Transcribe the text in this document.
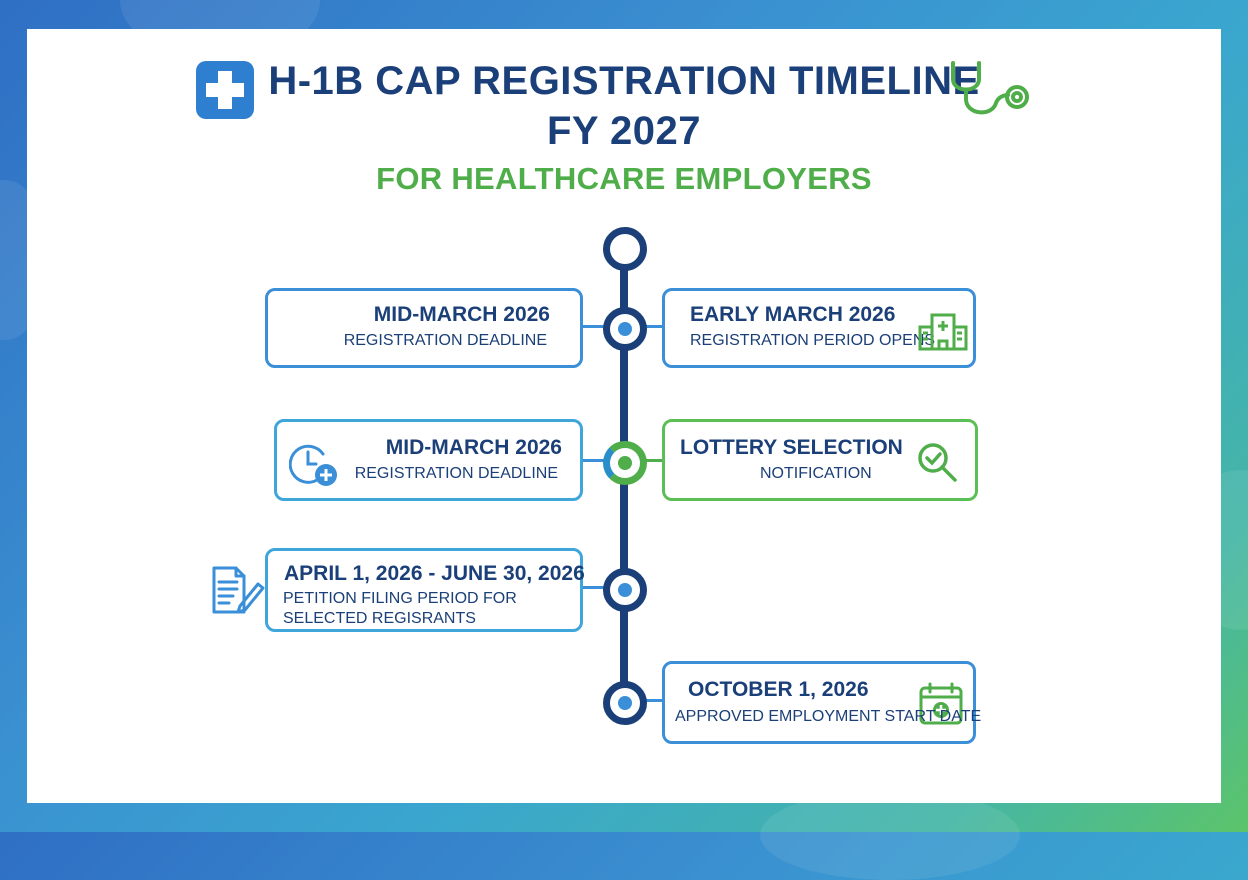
H-1B CAP REGISTRATION TIMELINE
FY 2027
FOR HEALTHCARE EMPLOYERS
MID-MARCH 2026
REGISTRATION DEADLINE
EARLY MARCH 2026
REGISTRATION PERIOD OPENS
MID-MARCH 2026
REGISTRATION DEADLINE
LOTTERY SELECTION
NOTIFICATION
APRIL 1, 2026 - JUNE 30, 2026
PETITION FILING PERIOD FOR SELECTED REGISRANTS
OCTOBER 1, 2026
APPROVED EMPLOYMENT START DATE
